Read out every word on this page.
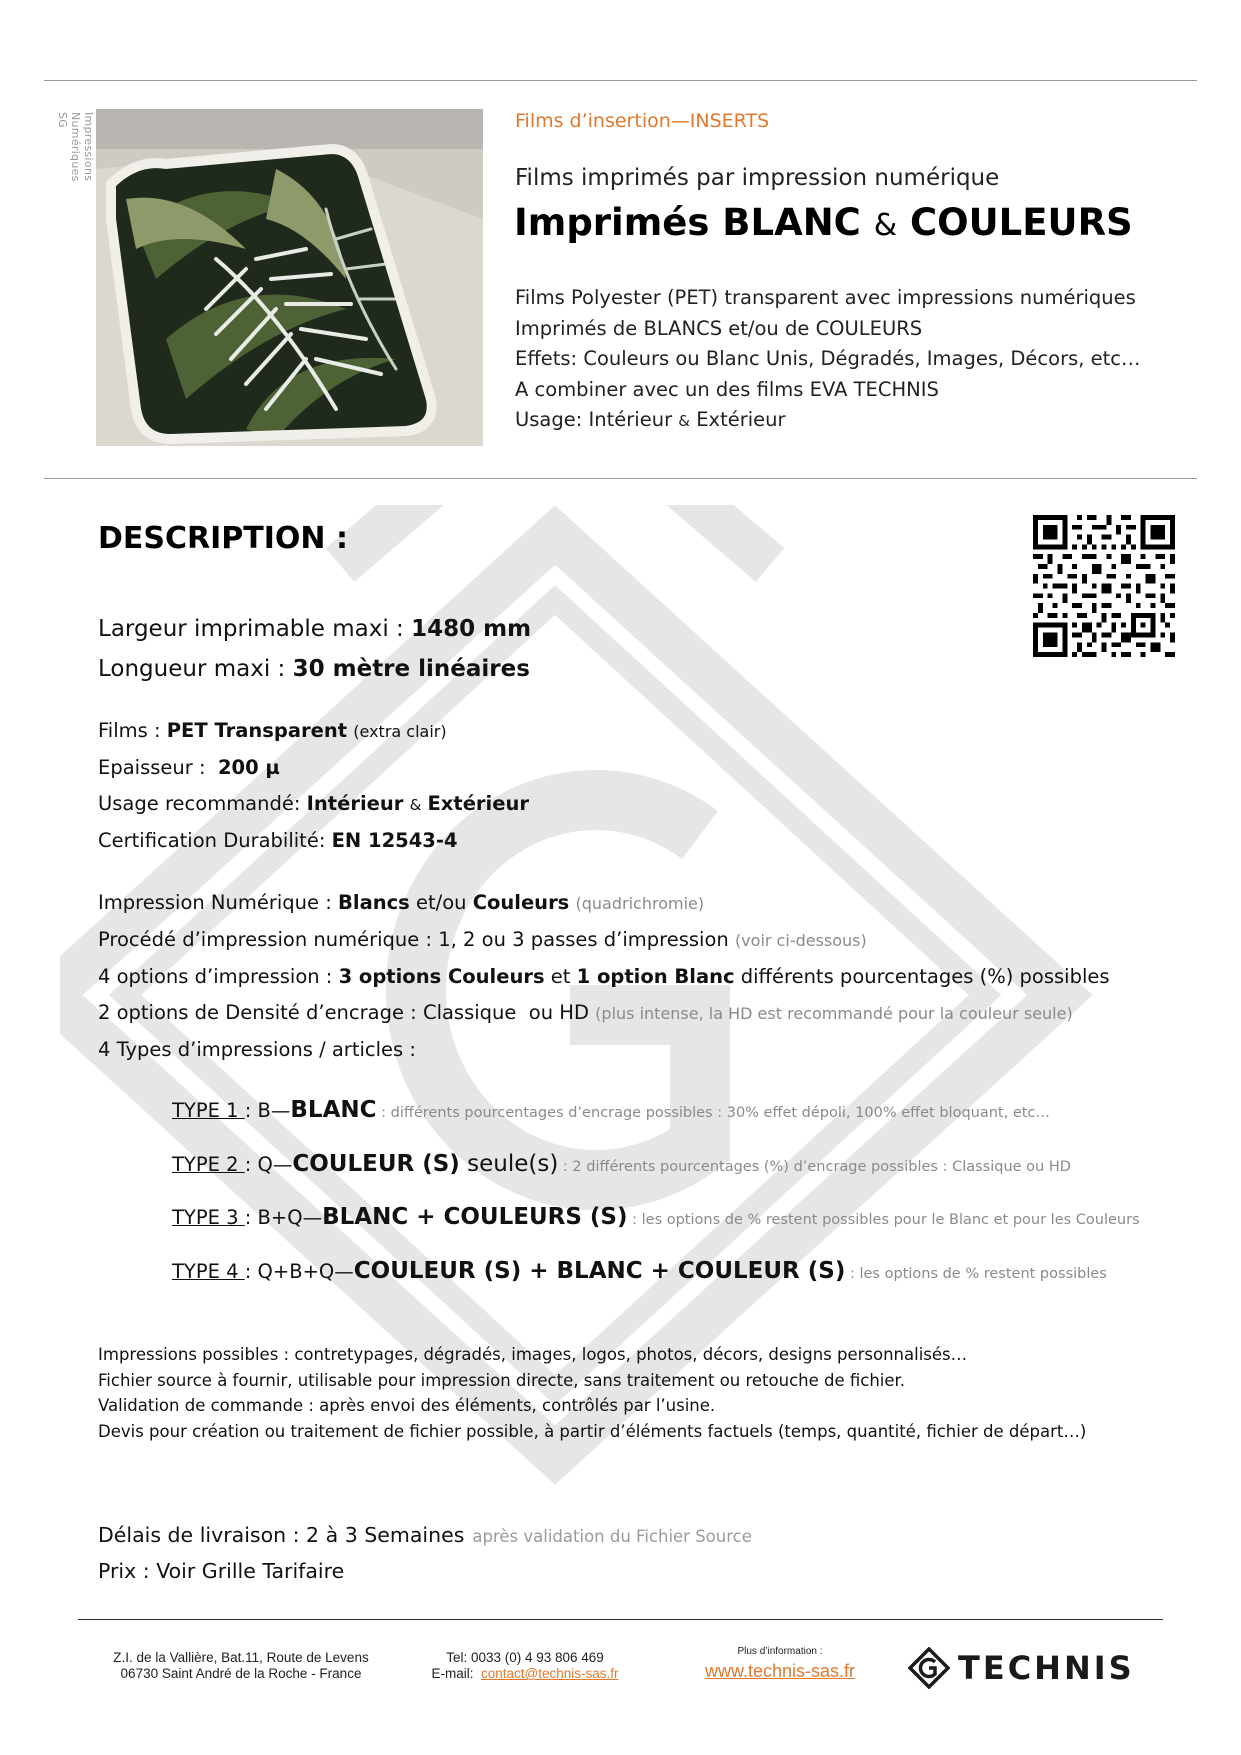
Impressions Numériques SG	Films d’insertion—INSERTS
Films imprimés par impression numérique
Imprimés BLANC & COULEURS
Films Polyester (PET) transparent avec impressions numériques
Imprimés de BLANCS et/ou de COULEURS
Effets: Couleurs ou Blanc Unis, Dégradés, Images, Décors, etc…
A combiner avec un des films EVA TECHNIS
Usage: Intérieur & Extérieur
DESCRIPTION :
Largeur imprimable maxi : 1480 mm
Longueur maxi : 30 mètre linéaires
Films : PET Transparent (extra clair)
Epaisseur :  200 µ
Usage recommandé: Intérieur & Extérieur
Certification Durabilité: EN 12543-4
Impression Numérique : Blancs et/ou Couleurs (quadrichromie)
Procédé d’impression numérique : 1, 2 ou 3 passes d’impression (voir ci-dessous)
4 options d’impression : 3 options Couleurs et 1 option Blanc différents pourcentages (%) possibles
2 options de Densité d’encrage : Classique  ou HD (plus intense, la HD est recommandé pour la couleur seule)
4 Types d’impressions / articles :
TYPE 1 : B—BLANC : différents pourcentages d’encrage possibles : 30% effet dépoli, 100% effet bloquant, etc…
TYPE 2 : Q—COULEUR (S) seule(s) : 2 différents pourcentages (%) d’encrage possibles : Classique ou HD
TYPE 3 : B+Q—BLANC + COULEURS (S) : les options de % restent possibles pour le Blanc et pour les Couleurs
TYPE 4 : Q+B+Q—COULEUR (S) + BLANC + COULEUR (S) : les options de % restent possibles
Impressions possibles : contretypages, dégradés, images, logos, photos, décors, designs personnalisés…
Fichier source à fournir, utilisable pour impression directe, sans traitement ou retouche de fichier.
Validation de commande : après envoi des éléments, contrôlés par l’usine.
Devis pour création ou traitement de fichier possible, à partir d’éléments factuels (temps, quantité, fichier de départ…)
Délais de livraison : 2 à 3 Semaines après validation du Fichier Source
Prix : Voir Grille Tarifaire
Z.I. de la Vallière, Bat.11, Route de Levens
06730 Saint André de la Roche - France
Tel: 0033 (0) 4 93 806 469
E-mail:  contact@technis-sas.fr
Plus d’information :
www.technis-sas.fr	TECHNIS
